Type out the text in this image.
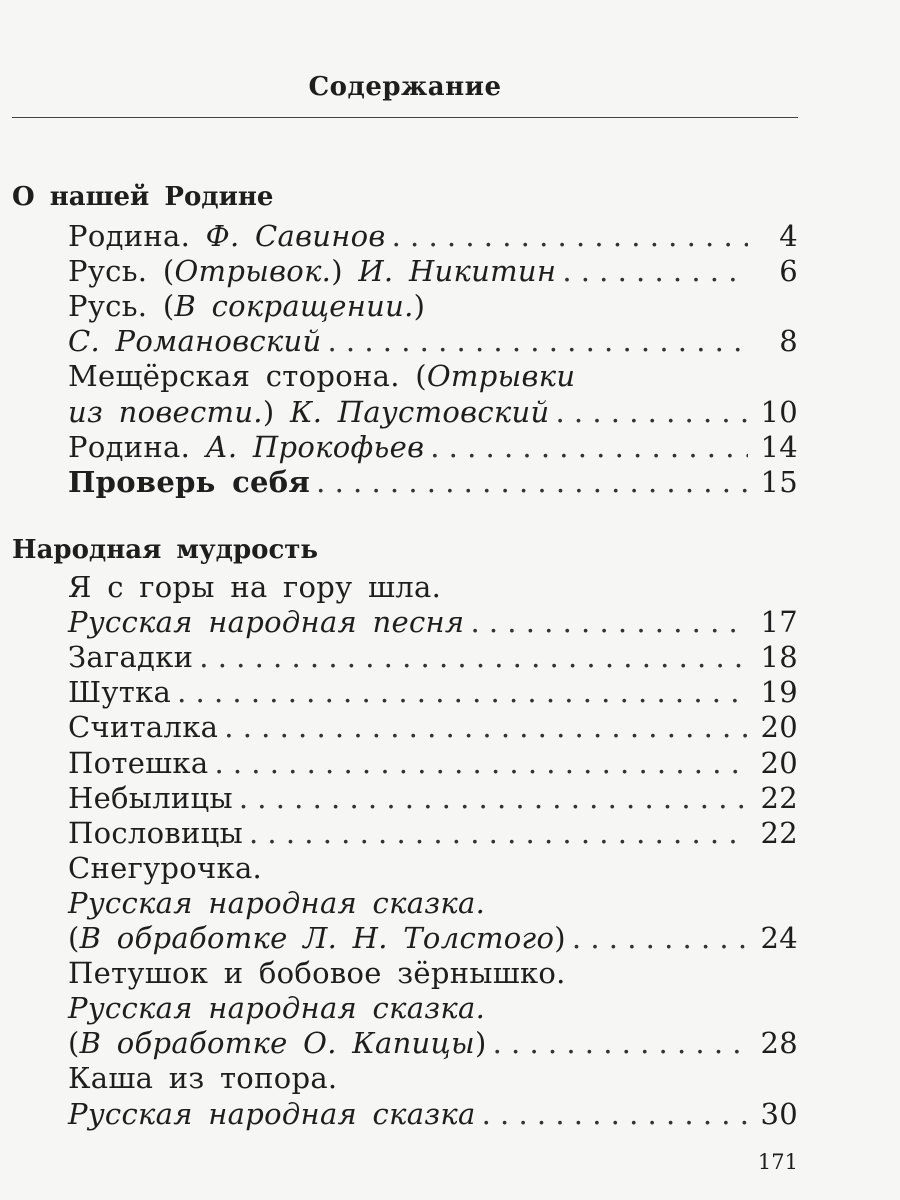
Содержание
О нашей Родине
Родина. Ф. Савинов . . .	4
Русь. (Отрывок.) И. Никитин . . .	6
Русь. (В сокращении.)
С. Романовский . . .	8
Мещёрская сторона. (Отрывки
из повести.) К. Паустовский . . .	10
Родина. А. Прокофьев . . .	14
Проверь себя . . .	15
Народная мудрость
Я с горы на гору шла.
Русская народная песня . . .	17
Загадки . . .	18
Шутка . . .	19
Считалка . . .	20
Потешка . . .	20
Небылицы . . .	22
Пословицы . . .	22
Снегурочка.
Русская народная сказка.
(В обработке Л. Н. Толстого) . . .	24
Петушок и бобовое зёрнышко.
Русская народная сказка.
(В обработке О. Капицы) . . .	28
Каша из топора.
Русская народная сказка . . .	30
171
